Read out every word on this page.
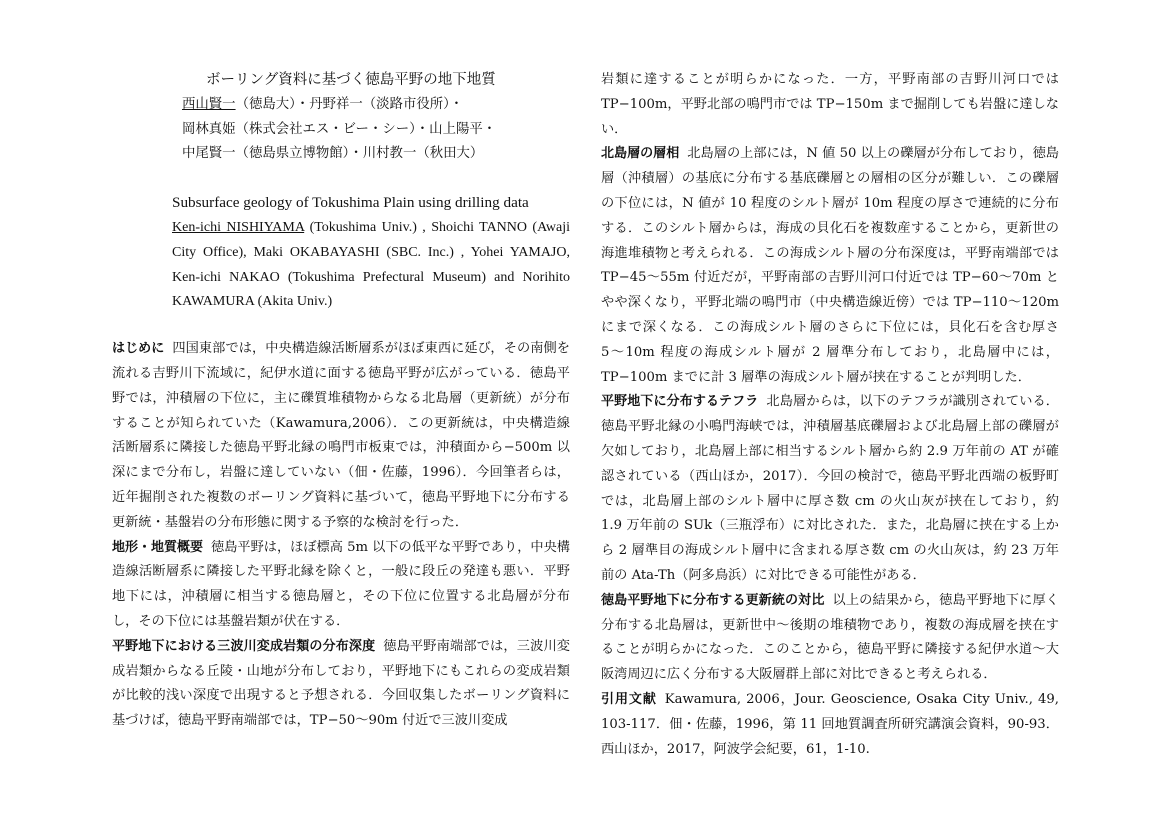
ボーリング資料に基づく徳島平野の地下地質
西山賢一（徳島大）・丹野祥一（淡路市役所）・
岡林真姫（株式会社エス・ビー・シー）・山上陽平・
中尾賢一（徳島県立博物館）・川村教一（秋田大）
Subsurface geology of Tokushima Plain using drilling data
Ken-ichi NISHIYAMA (Tokushima Univ.) , Shoichi TANNO (Awaji City Office), Maki OKABAYASHI (SBC. Inc.) , Yohei YAMAJO, Ken-ichi NAKAO (Tokushima Prefectural Museum) and Norihito KAWAMURA (Akita Univ.)

はじめに 四国東部では，中央構造線活断層系がほぼ東西に延び，その南側を流れる吉野川下流域に，紀伊水道に面する徳島平野が広がっている．徳島平野では，沖積層の下位に，主に礫質堆積物からなる北島層（更新統）が分布することが知られていた（Kawamura,2006）．この更新統は，中央構造線活断層系に隣接した徳島平野北縁の鳴門市板東では，沖積面から−500m 以深にまで分布し，岩盤に達していない（佃・佐藤，1996）．今回筆者らは，近年掘削された複数のボーリング資料に基づいて，徳島平野地下に分布する更新統・基盤岩の分布形態に関する予察的な検討を行った．

地形・地質概要 徳島平野は，ほぼ標高 5m 以下の低平な平野であり，中央構造線活断層系に隣接した平野北縁を除くと，一般に段丘の発達も悪い．平野地下には，沖積層に相当する徳島層と，その下位に位置する北島層が分布し，その下位には基盤岩類が伏在する．

平野地下における三波川変成岩類の分布深度 徳島平野南端部では，三波川変成岩類からなる丘陵・山地が分布しており，平野地下にもこれらの変成岩類が比較的浅い深度で出現すると予想される．今回収集したボーリング資料に基づけば，徳島平野南端部では，TP−50〜90m 付近で三波川変成

岩類に達することが明らかになった．一方，平野南部の吉野川河口では TP−100m，平野北部の鳴門市では TP−150m まで掘削しても岩盤に達しない．

北島層の層相 北島層の上部には，N 値 50 以上の礫層が分布しており，徳島層（沖積層）の基底に分布する基底礫層との層相の区分が難しい．この礫層の下位には，N 値が 10 程度のシルト層が 10m 程度の厚さで連続的に分布する．このシルト層からは，海成の貝化石を複数産することから，更新世の海進堆積物と考えられる．この海成シルト層の分布深度は，平野南端部では TP−45〜55m 付近だが，平野南部の吉野川河口付近では TP−60〜70m とやや深くなり，平野北端の鳴門市（中央構造線近傍）では TP−110〜120m にまで深くなる．この海成シルト層のさらに下位には，貝化石を含む厚さ 5〜10m 程度の海成シルト層が 2 層準分布しており，北島層中には，TP−100m までに計 3 層準の海成シルト層が挟在することが判明した．

平野地下に分布するテフラ 北島層からは，以下のテフラが識別されている．徳島平野北縁の小鳴門海峡では，沖積層基底礫層および北島層上部の礫層が欠如しており，北島層上部に相当するシルト層から約 2.9 万年前の AT が確認されている（西山ほか，2017）．今回の検討で，徳島平野北西端の板野町では，北島層上部のシルト層中に厚さ数 cm の火山灰が挟在しており，約 1.9 万年前の SUk（三瓶浮布）に対比された．また，北島層に挟在する上から 2 層準目の海成シルト層中に含まれる厚さ数 cm の火山灰は，約 23 万年前の Ata-Th（阿多鳥浜）に対比できる可能性がある．

徳島平野地下に分布する更新統の対比 以上の結果から，徳島平野地下に厚く分布する北島層は，更新世中〜後期の堆積物であり，複数の海成層を挟在することが明らかになった．このことから，徳島平野に隣接する紀伊水道〜大阪湾周辺に広く分布する大阪層群上部に対比できると考えられる．

引用文献 Kawamura, 2006，Jour. Geoscience, Osaka City Univ., 49, 103-117．佃・佐藤，1996，第 11 回地質調査所研究講演会資料，90-93．西山ほか，2017，阿波学会紀要，61，1-10.
